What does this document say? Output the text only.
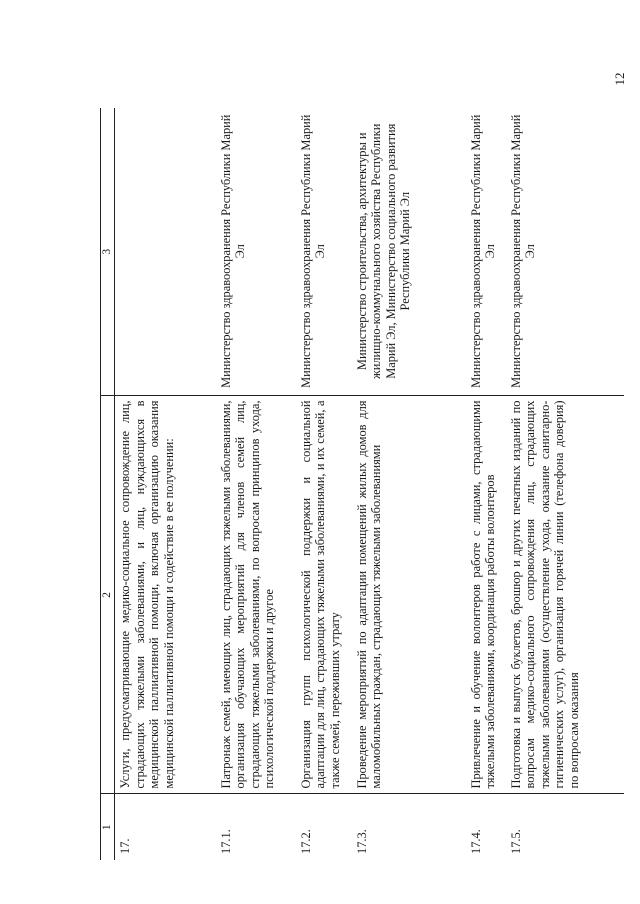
12
1	2	3
17.	Услуги, предусматривающие медико-социальное сопровождение лиц, страдающих тяжелыми заболеваниями, и лиц, нуждающихся в медицинской паллиативной помощи, включая организацию оказания медицинской паллиативной помощи и содействие в ее получении:	
17.1.	Патронаж семей, имеющих лиц, страдающих тяжелыми заболеваниями, организация обучающих мероприятий для членов семей лиц, страдающих тяжелыми заболеваниями, по вопросам принципов ухода, психологической поддержки и другое	Министерство здравоохранения Республики Марий Эл
17.2.	Организация групп психологической поддержки и социальной адаптации для лиц, страдающих тяжелыми заболеваниями, и их семей, а также семей, переживших утрату	Министерство здравоохранения Республики Марий Эл
17.3.	Проведение мероприятий по адаптации помещений жилых домов для маломобильных граждан, страдающих тяжелыми заболеваниями	Министерство строительства, архитектуры и жилищно-коммунального хозяйства Республики Марий Эл, Министерство социального развития Республики Марий Эл
17.4.	Привлечение и обучение волонтеров работе с лицами, страдающими тяжелыми заболеваниями, координация работы волонтеров	Министерство здравоохранения Республики Марий Эл
17.5.	Подготовка и выпуск буклетов, брошюр и других печатных изданий по вопросам медико-социального сопровождения лиц, страдающих тяжелыми заболеваниями (осуществление ухода, оказание санитарно-гигиенических услуг), организация горячей линии (телефона доверия) по вопросам оказания	Министерство здравоохранения Республики Марий Эл
